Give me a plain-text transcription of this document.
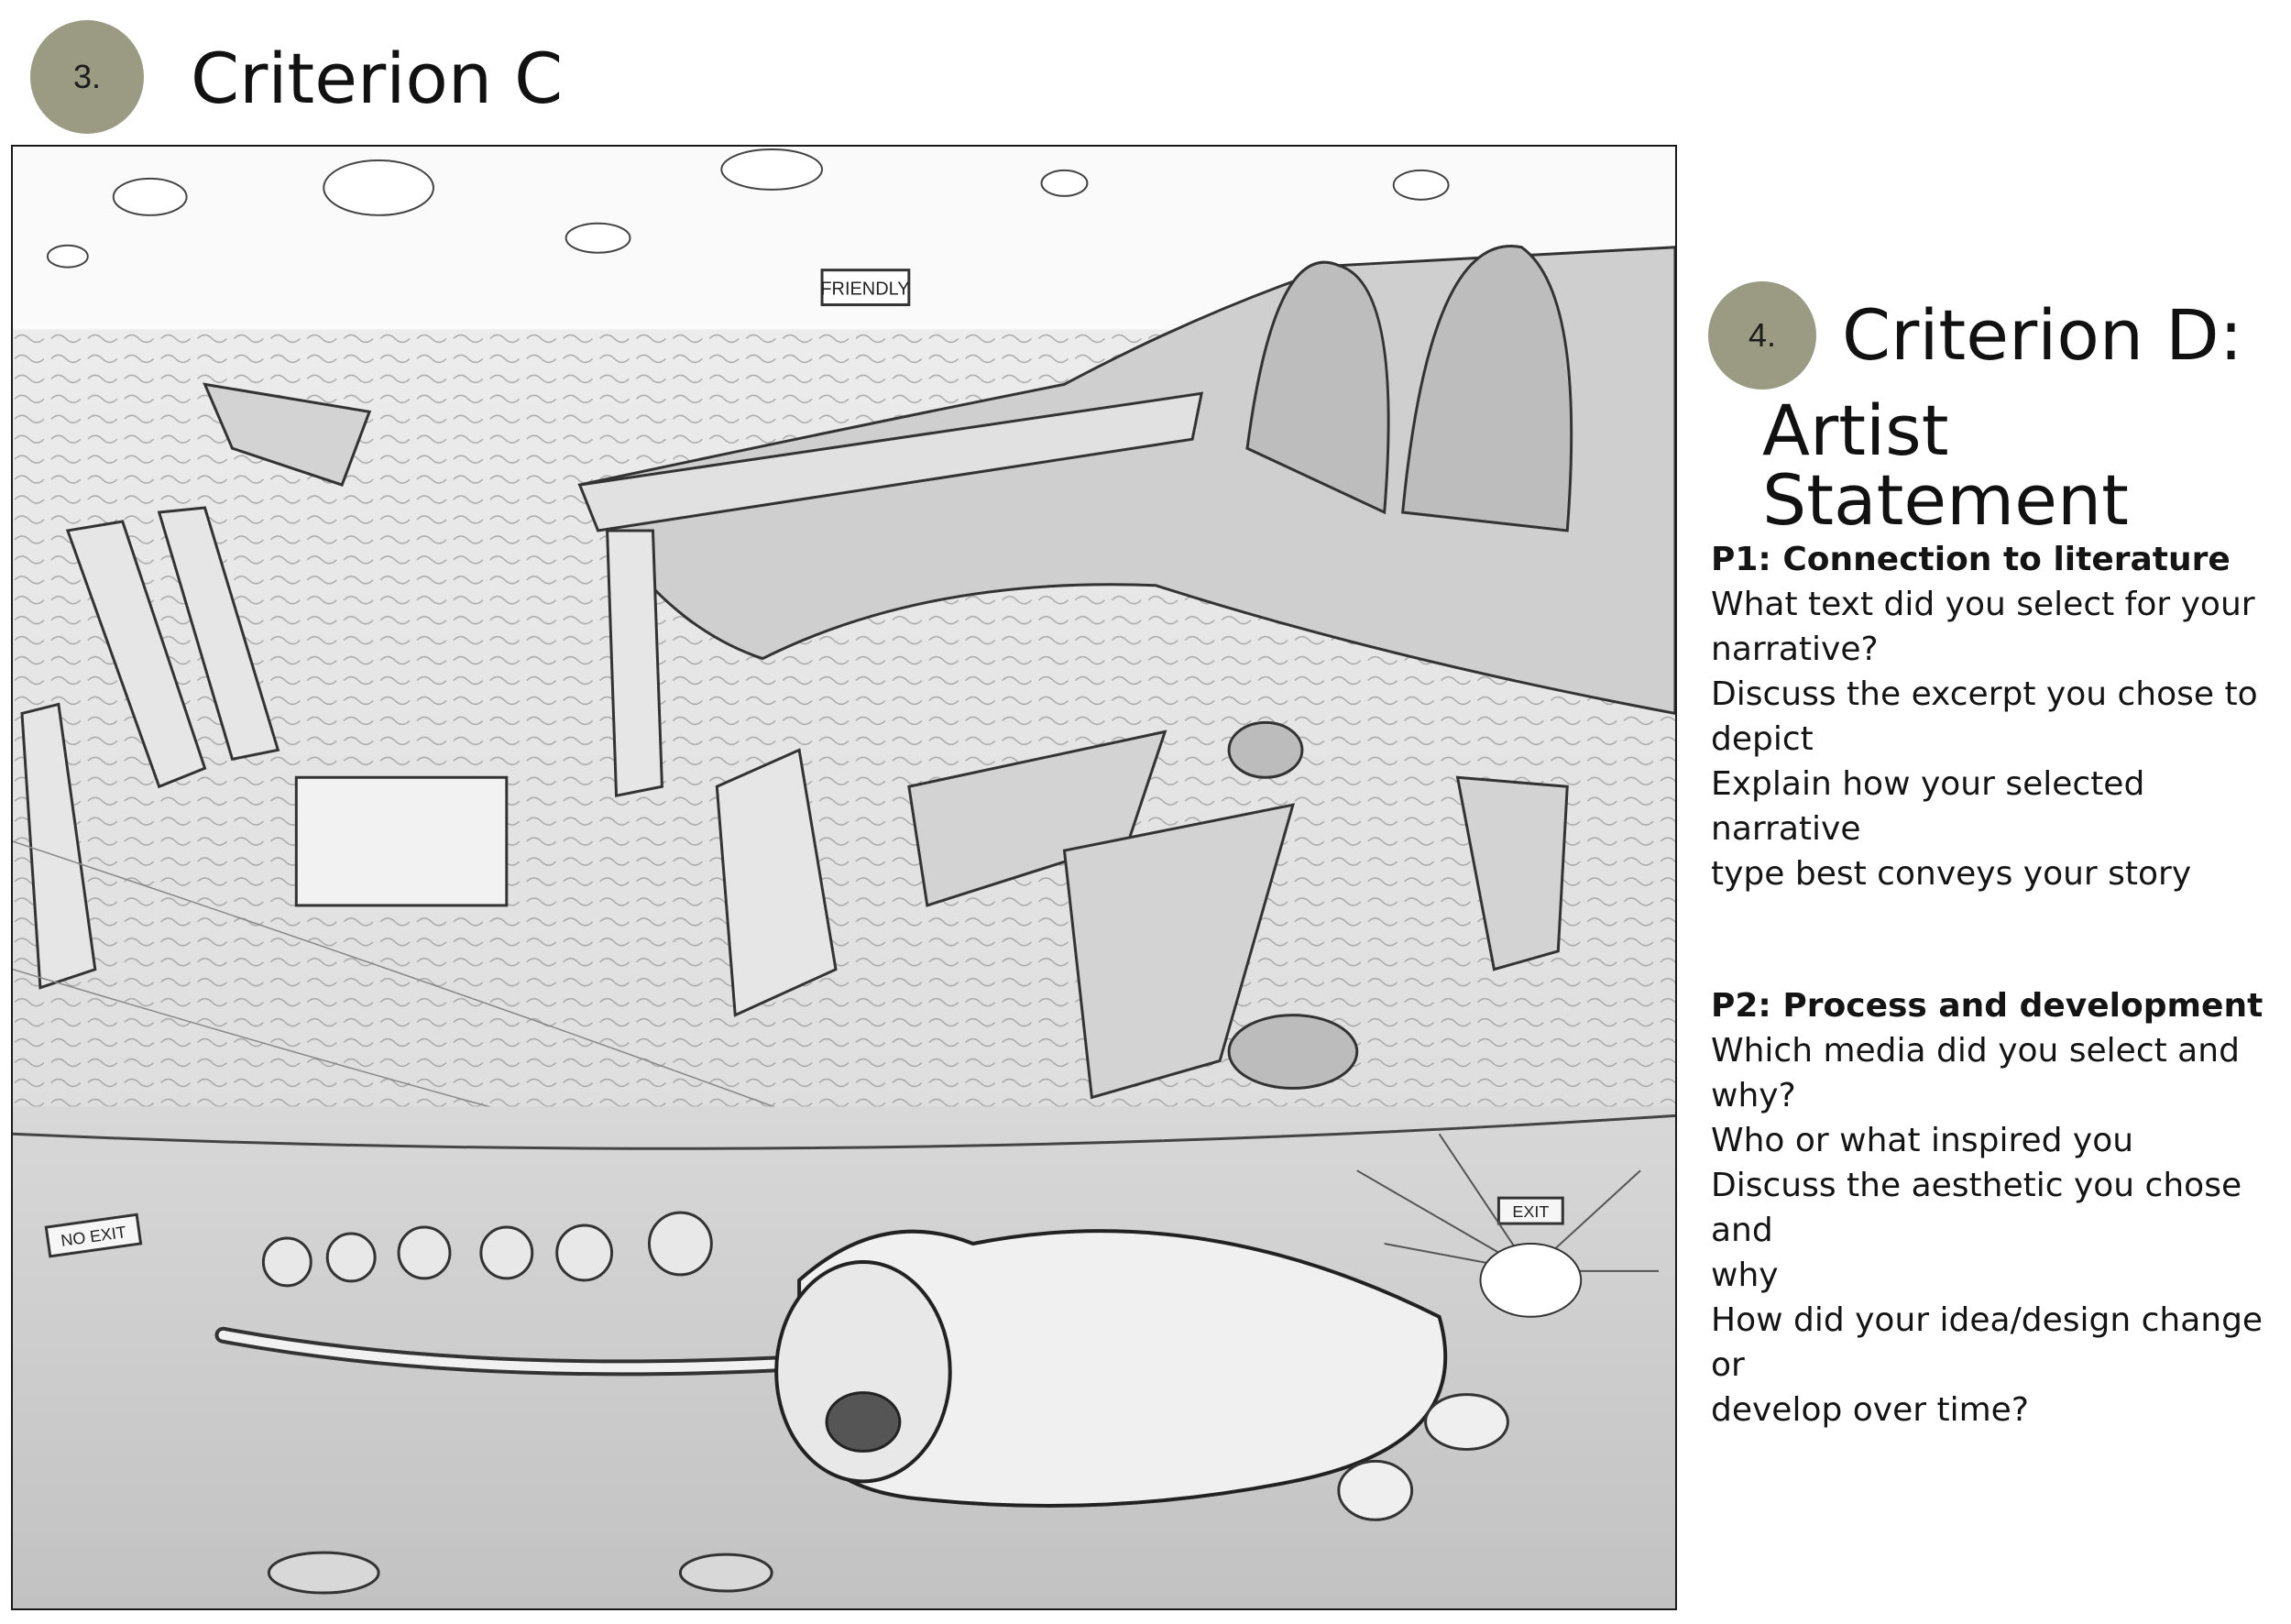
3. Criterion C
FRIENDLY
NO EXIT
EXIT
4. Criterion D:
Artist Statement
P1: Connection to literature
What text did you select for your
narrative?
Discuss the excerpt you chose to
depict
Explain how your selected narrative
type best conveys your story
P2: Process and development
Which media did you select and
why?
Who or what inspired you
Discuss the aesthetic you chose and
why
How did your idea/design change or
develop over time?
